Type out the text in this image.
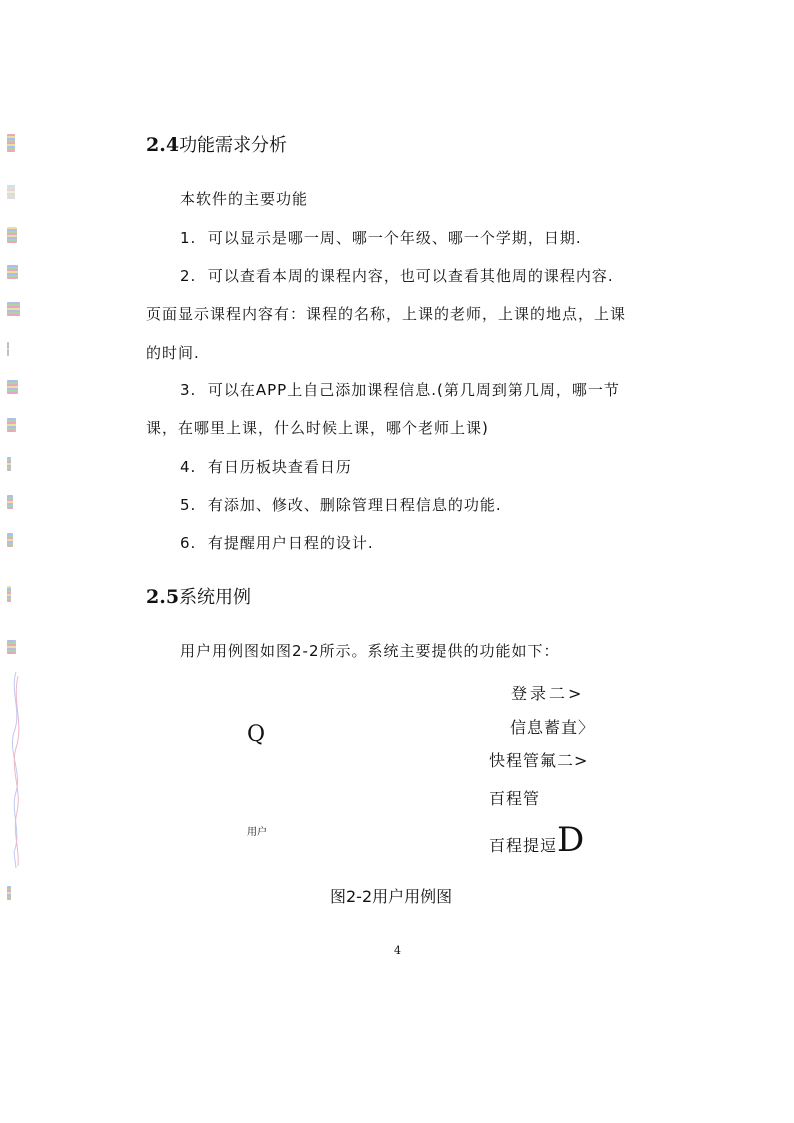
2.4功能需求分析
本软件的主要功能
1. 可以显示是哪一周、哪一个年级、哪一个学期，日期.
2. 可以查看本周的课程内容，也可以查看其他周的课程内容.
页面显示课程内容有：课程的名称，上课的老师，上课的地点，上课
的时间.
3. 可以在APP上自己添加课程信息.(第几周到第几周，哪一节
课，在哪里上课，什么时候上课，哪个老师上课)
4. 有日历板块查看日历
5. 有添加、修改、删除管理日程信息的功能.
6. 有提醒用户日程的设计.
2.5系统用例
用户用例图如图2-2所示。系统主要提供的功能如下：
Q
用户
登录二>
信息蓄直〉
快程管氟二>
百程管
百程提逗D
图2-2用户用例图
4
